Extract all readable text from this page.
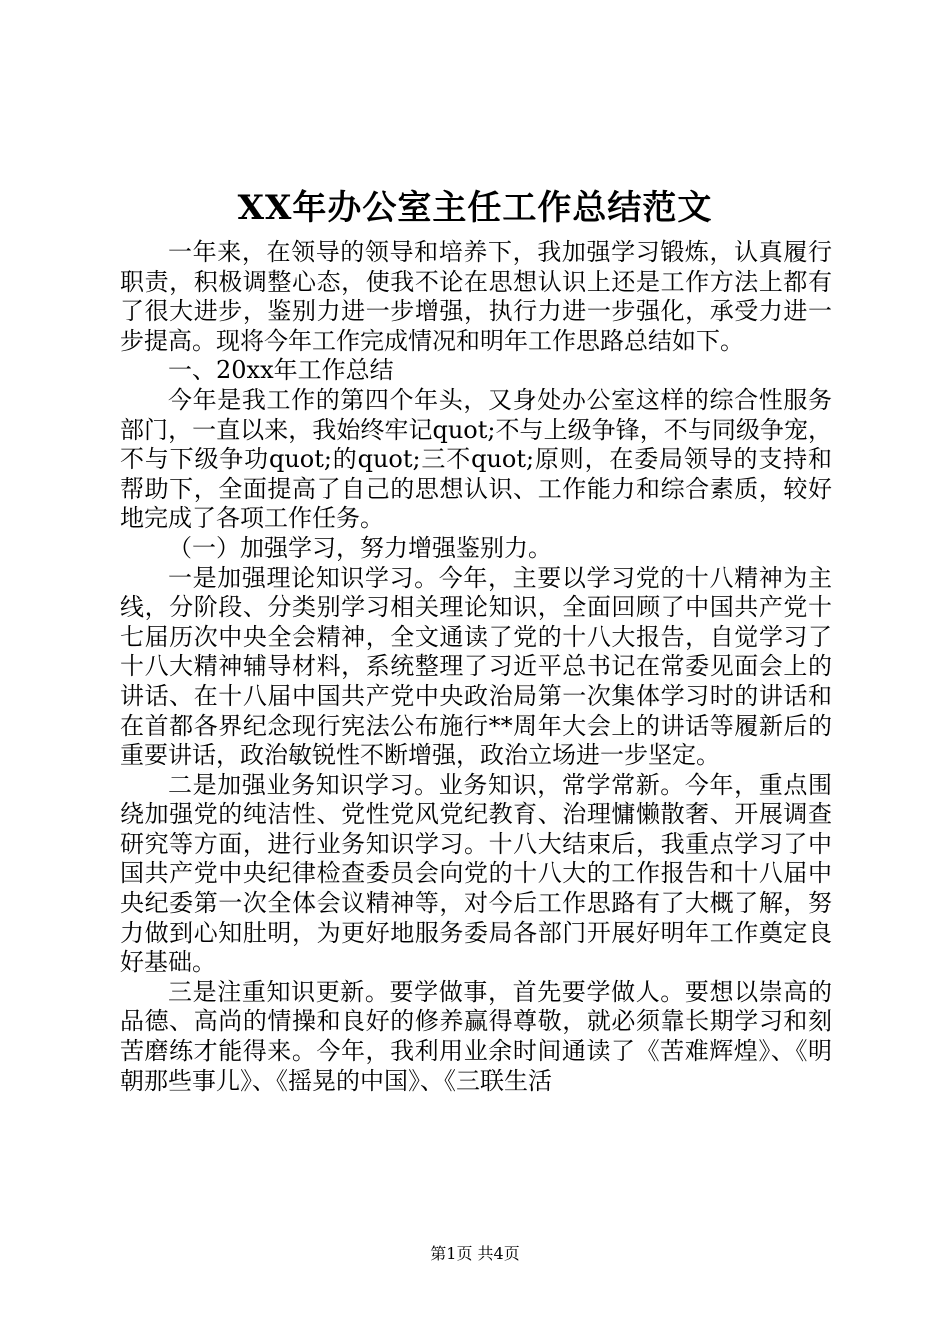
XX年办公室主任工作总结范文

一年来，在领导的领导和培养下，我加强学习锻炼，认真履行职责，积极调整心态，使我不论在思想认识上还是工作方法上都有了很大进步，鉴别力进一步增强，执行力进一步强化，承受力进一步提高。现将今年工作完成情况和明年工作思路总结如下。

一、20xx年工作总结

今年是我工作的第四个年头，又身处办公室这样的综合性服务部门，一直以来，我始终牢记quot;不与上级争锋，不与同级争宠，不与下级争功quot;的quot;三不quot;原则，在委局领导的支持和帮助下，全面提高了自己的思想认识、工作能力和综合素质，较好地完成了各项工作任务。

（一）加强学习，努力增强鉴别力。

一是加强理论知识学习。今年，主要以学习党的十八精神为主线，分阶段、分类别学习相关理论知识，全面回顾了中国共产党十七届历次中央全会精神，全文通读了党的十八大报告，自觉学习了十八大精神辅导材料，系统整理了习近平总书记在常委见面会上的讲话、在十八届中国共产党中央政治局第一次集体学习时的讲话和在首都各界纪念现行宪法公布施行**周年大会上的讲话等履新后的重要讲话，政治敏锐性不断增强，政治立场进一步坚定。

二是加强业务知识学习。业务知识，常学常新。今年，重点围绕加强党的纯洁性、党性党风党纪教育、治理慵懒散奢、开展调查研究等方面，进行业务知识学习。十八大结束后，我重点学习了中国共产党中央纪律检查委员会向党的十八大的工作报告和十八届中央纪委第一次全体会议精神等，对今后工作思路有了大概了解，努力做到心知肚明，为更好地服务委局各部门开展好明年工作奠定良好基础。

三是注重知识更新。要学做事，首先要学做人。要想以崇高的品德、高尚的情操和良好的修养赢得尊敬，就必须靠长期学习和刻苦磨练才能得来。今年，我利用业余时间通读了《苦难辉煌》、《明朝那些事儿》、《摇晃的中国》、《三联生活

第1页 共4页
